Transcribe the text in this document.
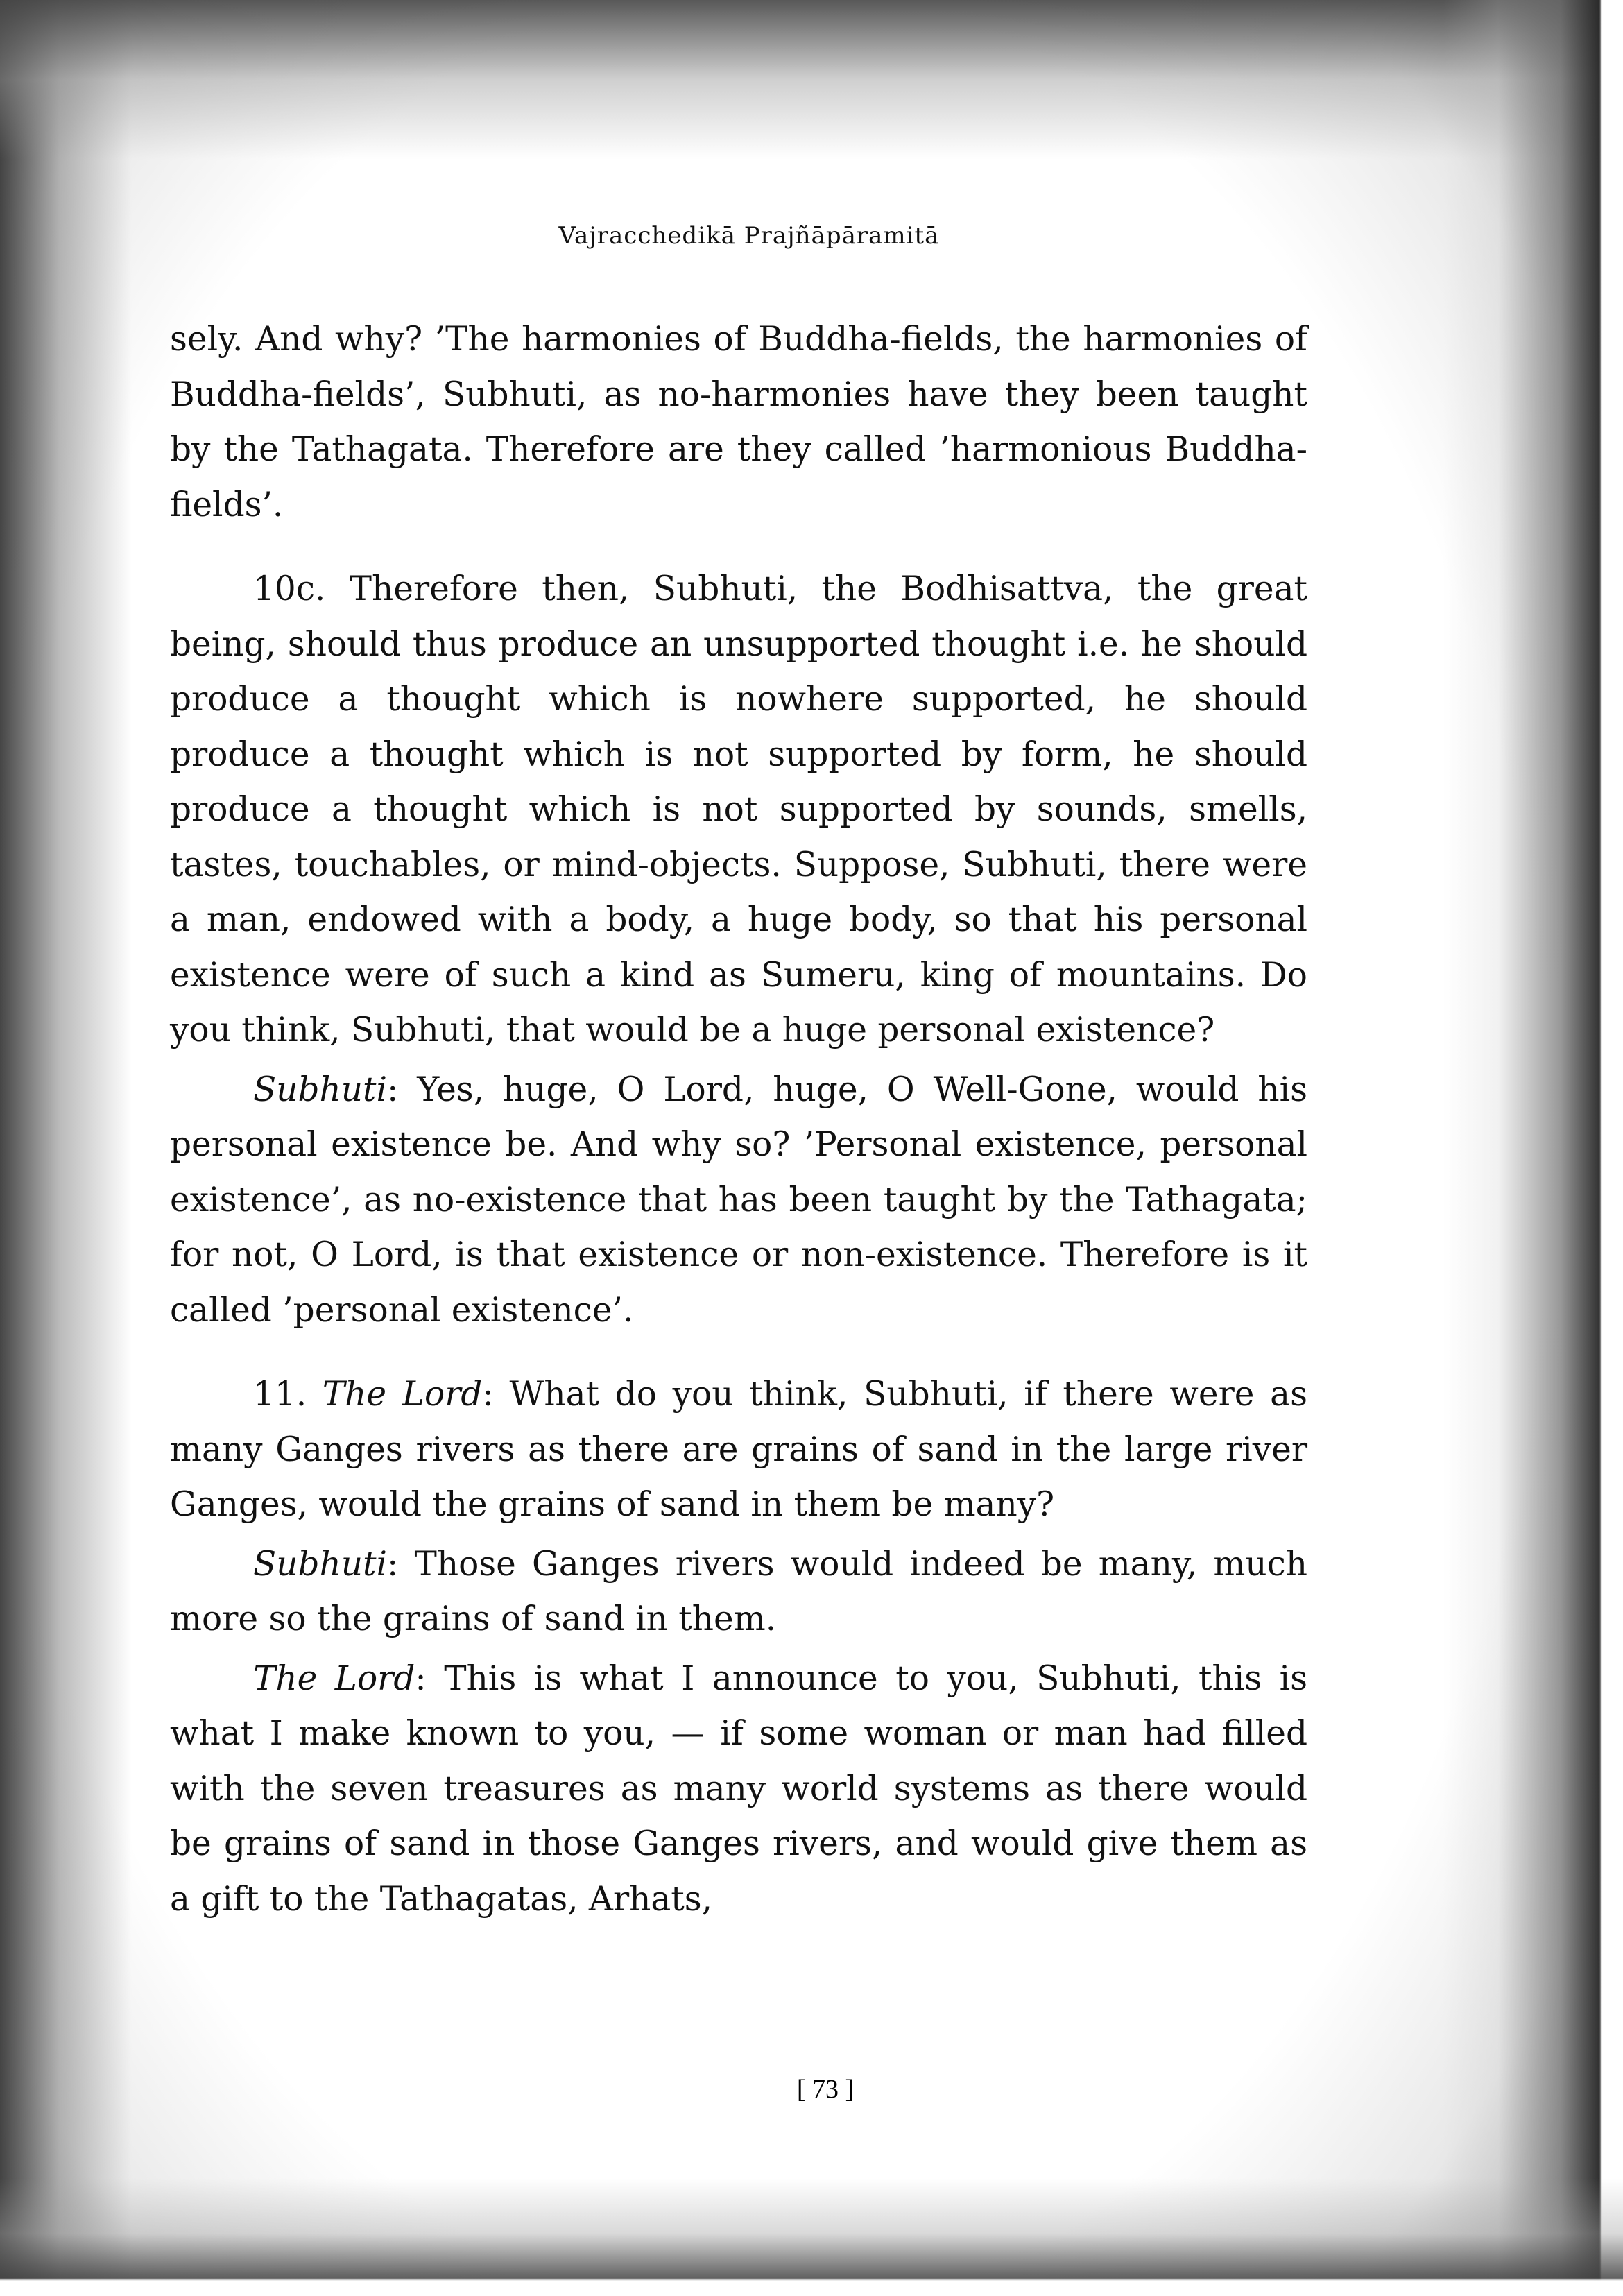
Vajracchedikā Prajñāpāramitā

sely. And why? ’The harmonies of Buddha-fields, the harmonies of Buddha-fields’, Subhuti, as no-harmonies have they been taught by the Tathagata. Therefore are they called ’harmonious Buddha-fields’.

10c. Therefore then, Subhuti, the Bodhisattva, the great being, should thus produce an unsupported thought i.e. he should produce a thought which is nowhere supported, he should produce a thought which is not supported by form, he should produce a thought which is not supported by sounds, smells, tastes, touchables, or mind-objects. Suppose, Subhuti, there were a man, endowed with a body, a huge body, so that his personal existence were of such a kind as Sumeru, king of mountains. Do you think, Subhuti, that would be a huge personal existence?

Subhuti: Yes, huge, O Lord, huge, O Well-Gone, would his personal existence be. And why so? ’Personal existence, personal existence’, as no-existence that has been taught by the Tathagata; for not, O Lord, is that existence or non-existence. Therefore is it called ’personal existence’.

11. The Lord: What do you think, Subhuti, if there were as many Ganges rivers as there are grains of sand in the large river Ganges, would the grains of sand in them be many?

Subhuti: Those Ganges rivers would indeed be many, much more so the grains of sand in them.

The Lord: This is what I announce to you, Subhuti, this is what I make known to you, — if some woman or man had filled with the seven treasures as many world systems as there would be grains of sand in those Ganges rivers, and would give them as a gift to the Tathagatas, Arhats,

[ 73 ]
